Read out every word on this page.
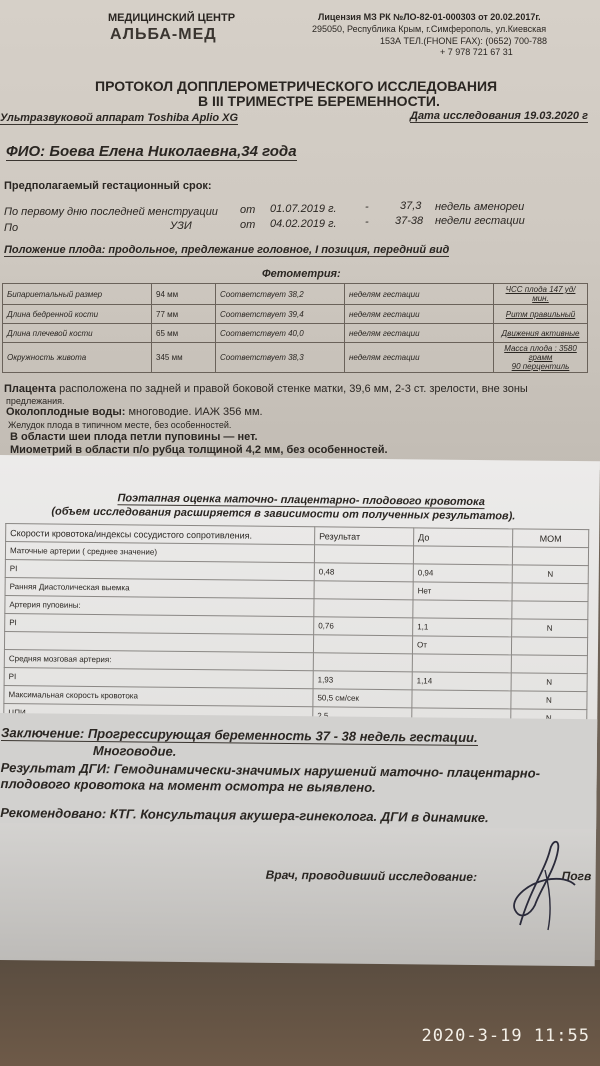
МЕДИЦИНСКИЙ ЦЕНТР
АЛЬБА-МЕД
Лицензия МЗ РК №ЛО-82-01-000303 от 20.02.2017г.
295050, Республика Крым, г.Симферополь, ул.Киевская
153А ТЕЛ.(FHONE FAX): (0652) 700-788
+ 7 978 721 67 31
ПРОТОКОЛ ДОППЛЕРОМЕТРИЧЕСКОГО ИССЛЕДОВАНИЯ
В III ТРИМЕСТРЕ БЕРЕМЕННОСТИ.
Ультразвуковой аппарат Toshiba Aplio XG	Дата исследования 19.03.2020 г
ФИО: Боева Елена Николаевна,34 года
Предполагаемый гестационный срок:
По первому дню последней менструации от 01.07.2019 г.	-	37,3 недель аменореи
По	УЗИ	от 04.02.2019 г.	- 37-38 недели гестации
Положение плода: продольное, предлежание головное, I позиция, передний вид
Фетометрия:
Бипариетальный размер	94 мм	Соответствует 38,2	неделям гестации	ЧСС плода 147 уд/мин.
Длина бедренной кости	77 мм	Соответствует 39,4	неделям гестации	Ритм правильный
Длина плечевой кости	65 мм	Соответствует 40,0	неделям гестации	Движения активные
Окружность живота	345 мм	Соответствует 38,3	неделям гестации	Масса плода : 3580 грамм
90 перцентиль
Плацента расположена по задней и правой боковой стенке матки, 39,6 мм, 2-3 ст. зрелости, вне зоны
предлежания.
Околоплодные воды: многоводие. ИАЖ 356 мм.
Желудок плода в типичном месте, без особенностей.
В области шеи плода петли пуповины — нет.
Миометрий в области п/о рубца толщиной 4,2 мм, без особенностей.
Поэтапная оценка маточно- плацентарно- плодового кровотока
(объем исследования расширяется в зависимости от полученных результатов).
Скорости кровотока/индексы сосудистого сопротивления.	Результат	До	МОМ
Маточные артерии ( среднее значение)			
PI	0,48	0,94	N
Ранняя Диастолическая выемка		Нет	
Артерия пуповины:			
PI	0,76	1,1	N
		От	
Средняя мозговая артерия:			
PI	1,93	1,14	N
Максимальная скорость кровотока	50,5 см/сек		N

Заключение: Прогрессирующая беременность 37 - 38 недель гестации.
Многоводие.
Результат ДГИ: Гемодинамически-значимых нарушений маточно- плацентарно-
плодового кровотока на момент осмотра не выявлено.
Рекомендовано: КТГ. Консультация акушера-гинеколога. ДГИ в динамике.
Врач, проводивший исследование:	Погв
2020-3-19 11:55
